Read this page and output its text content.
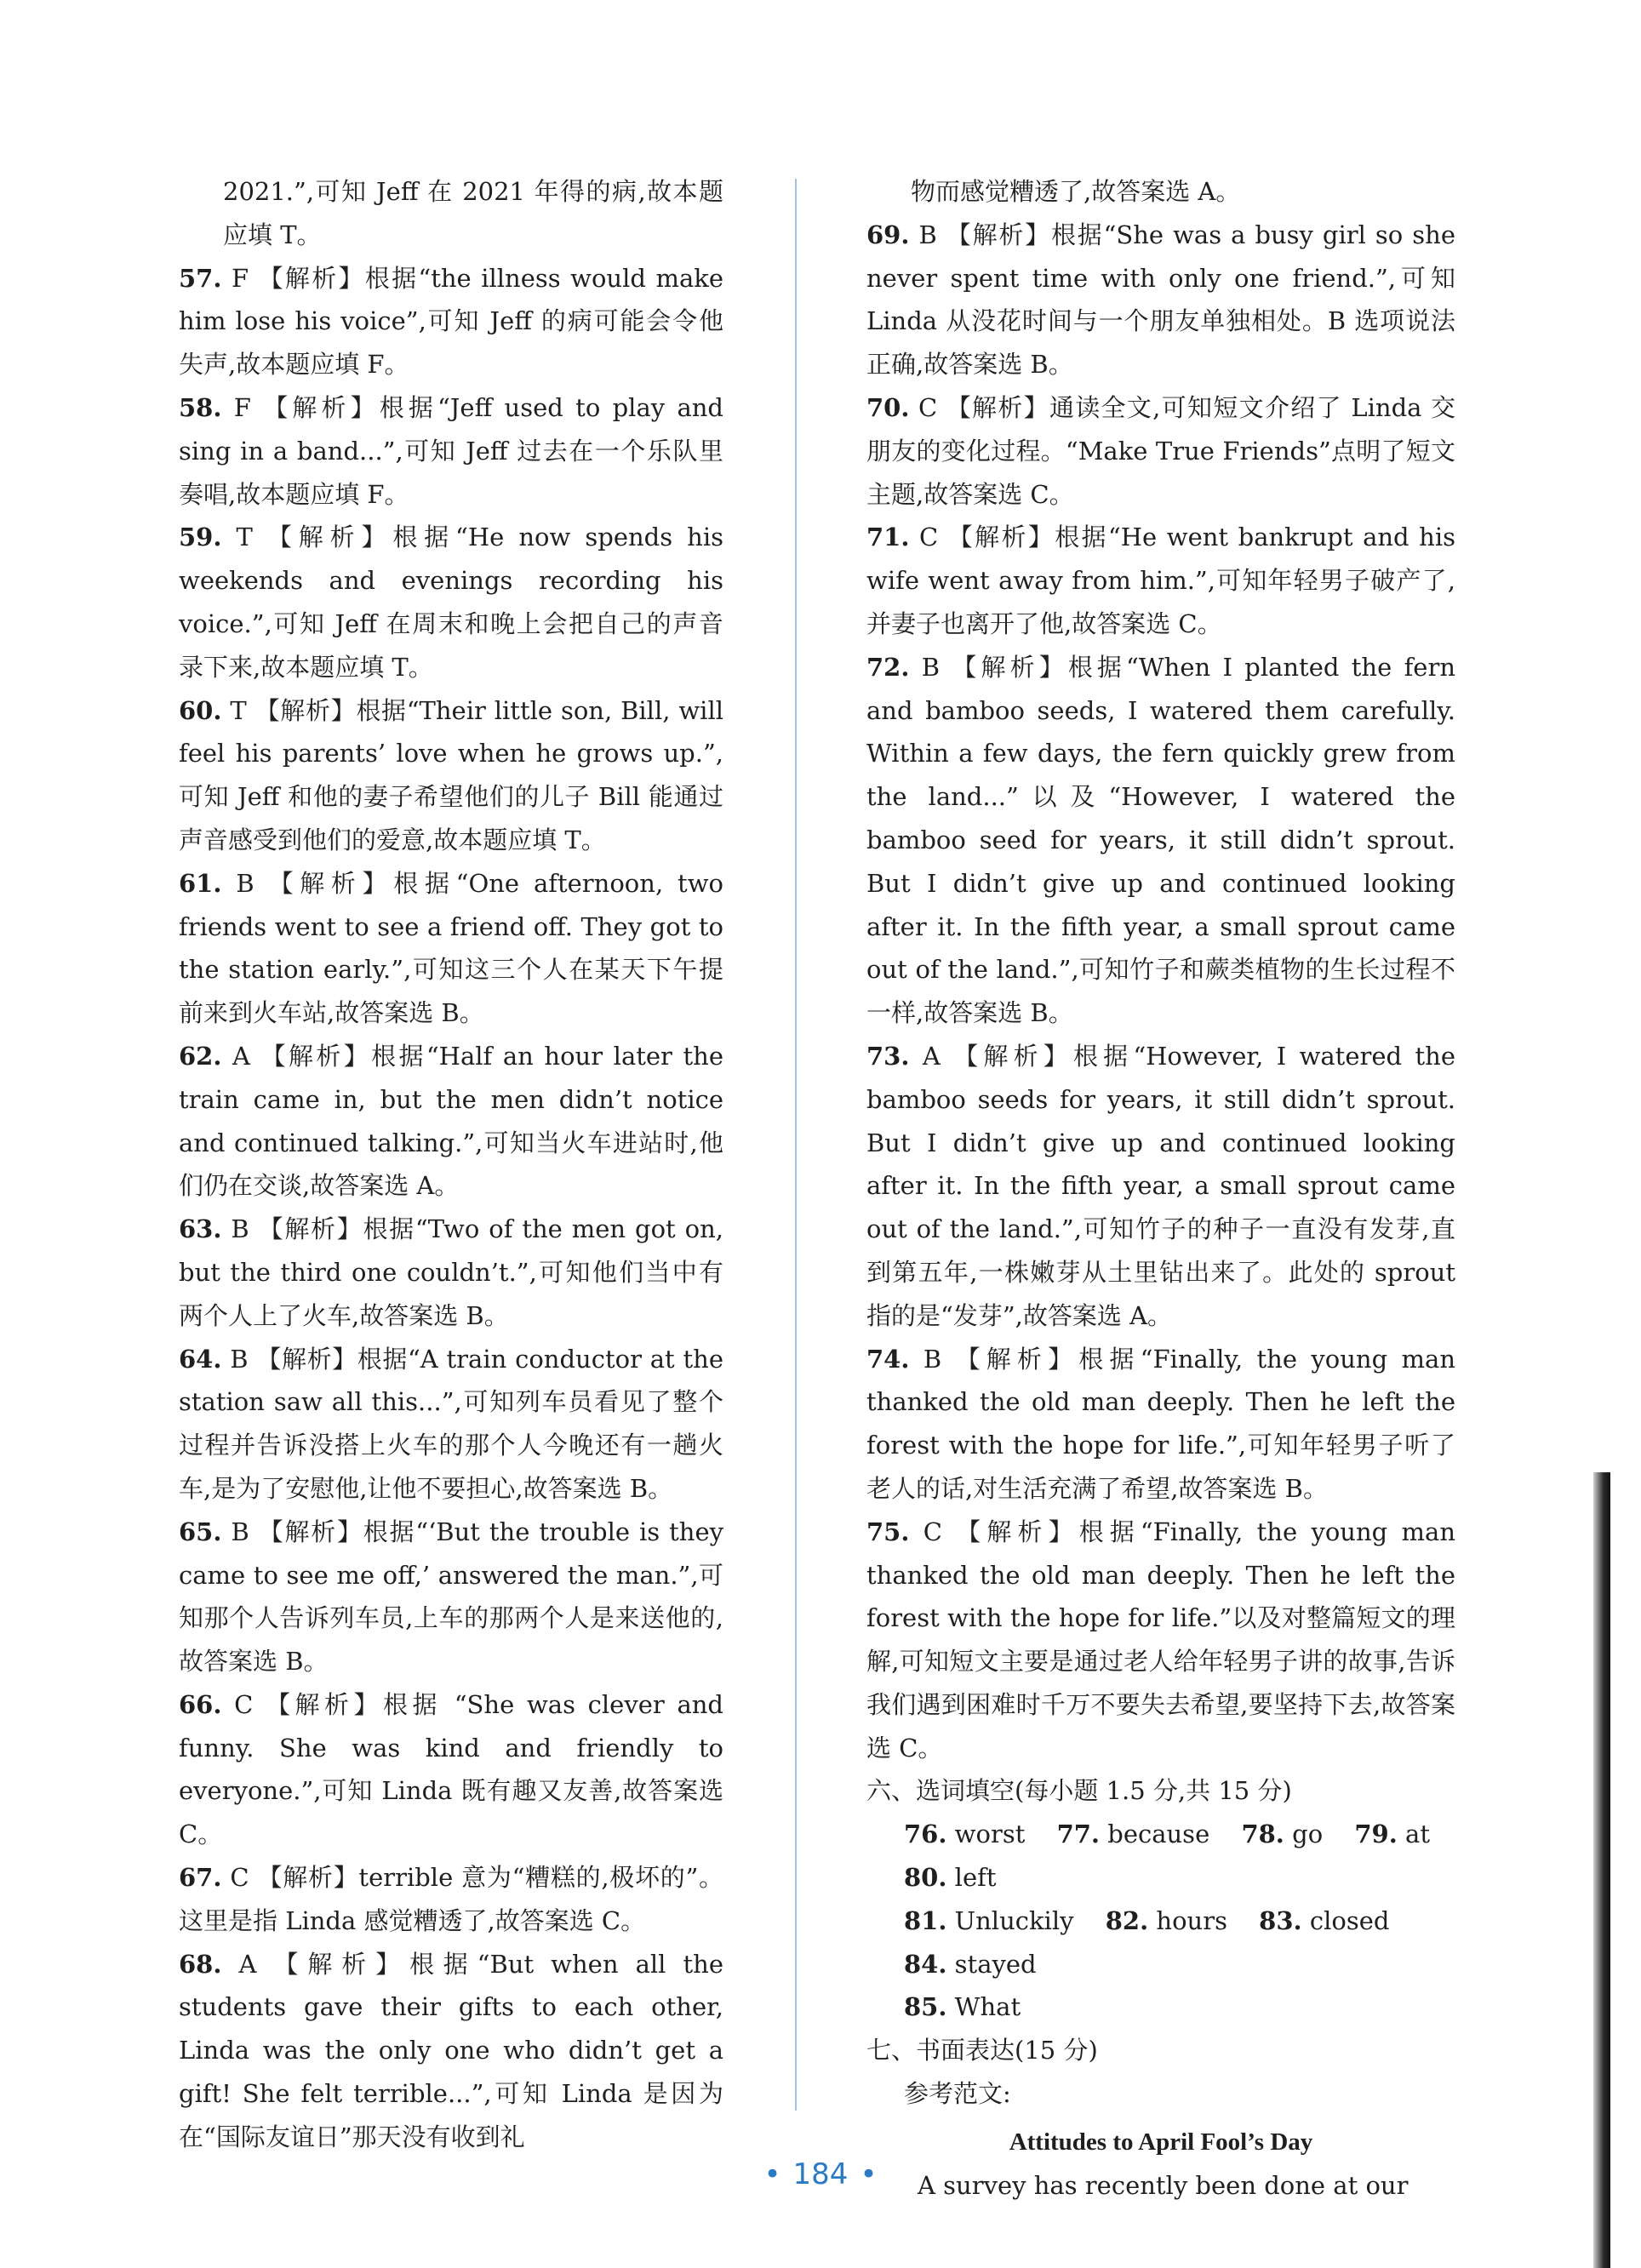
2021.”,可知 Jeff 在 2021 年得的病,故本题应填 T。

57. F 【解析】根据“the illness would make him lose his voice”,可知 Jeff 的病可能会令他失声,故本题应填 F。

58. F 【解析】根据“Jeff used to play and sing in a band...”,可知 Jeff 过去在一个乐队里奏唱,故本题应填 F。

59. T 【解析】根据“He now spends his weekends and evenings recording his voice.”,可知 Jeff 在周末和晚上会把自己的声音录下来,故本题应填 T。

60. T 【解析】根据“Their little son, Bill, will feel his parents’ love when he grows up.”,可知 Jeff 和他的妻子希望他们的儿子 Bill 能通过声音感受到他们的爱意,故本题应填 T。

61. B 【解析】根据“One afternoon, two friends went to see a friend off. They got to the station early.”,可知这三个人在某天下午提前来到火车站,故答案选 B。

62. A 【解析】根据“Half an hour later the train came in, but the men didn’t notice and continued talking.”,可知当火车进站时,他们仍在交谈,故答案选 A。

63. B 【解析】根据“Two of the men got on, but the third one couldn’t.”,可知他们当中有两个人上了火车,故答案选 B。

64. B 【解析】根据“A train conductor at the station saw all this...”,可知列车员看见了整个过程并告诉没搭上火车的那个人今晚还有一趟火车,是为了安慰他,让他不要担心,故答案选 B。

65. B 【解析】根据“‘But the trouble is they came to see me off,’ answered the man.”,可知那个人告诉列车员,上车的那两个人是来送他的,故答案选 B。

66. C 【解析】根据 “She was clever and funny. She was kind and friendly to everyone.”,可知 Linda 既有趣又友善,故答案选 C。

67. C 【解析】terrible 意为“糟糕的,极坏的”。这里是指 Linda 感觉糟透了,故答案选 C。

68. A 【解析】根据“But when all the students gave their gifts to each other, Linda was the only one who didn’t get a gift! She felt terrible...”,可知 Linda 是因为在“国际友谊日”那天没有收到礼

物而感觉糟透了,故答案选 A。

69. B 【解析】根据“She was a busy girl so she never spent time with only one friend.”,可知 Linda 从没花时间与一个朋友单独相处。B 选项说法正确,故答案选 B。

70. C 【解析】通读全文,可知短文介绍了 Linda 交朋友的变化过程。“Make True Friends”点明了短文主题,故答案选 C。

71. C 【解析】根据“He went bankrupt and his wife went away from him.”,可知年轻男子破产了,并妻子也离开了他,故答案选 C。

72. B 【解析】根据“When I planted the fern and bamboo seeds, I watered them carefully. Within a few days, the fern quickly grew from the land...”以及“However, I watered the bamboo seed for years, it still didn’t sprout. But I didn’t give up and continued looking after it. In the fifth year, a small sprout came out of the land.”,可知竹子和蕨类植物的生长过程不一样,故答案选 B。

73. A 【解析】根据“However, I watered the bamboo seeds for years, it still didn’t sprout. But I didn’t give up and continued looking after it. In the fifth year, a small sprout came out of the land.”,可知竹子的种子一直没有发芽,直到第五年,一株嫩芽从土里钻出来了。此处的 sprout 指的是“发芽”,故答案选 A。

74. B 【解析】根据“Finally, the young man thanked the old man deeply. Then he left the forest with the hope for life.”,可知年轻男子听了老人的话,对生活充满了希望,故答案选 B。

75. C 【解析】根据“Finally, the young man thanked the old man deeply. Then he left the forest with the hope for life.”以及对整篇短文的理解,可知短文主要是通过老人给年轻男子讲的故事,告诉我们遇到困难时千万不要失去希望,要坚持下去,故答案选 C。

六、选词填空(每小题 1.5 分,共 15 分)

76. worst 77. because 78. go 79. at 80. left

81. Unluckily 82. hours 83. closed 84. stayed

85. What

七、书面表达(15 分)

参考范文:

Attitudes to April Fool’s Day

A survey has recently been done at our

• 184 •
